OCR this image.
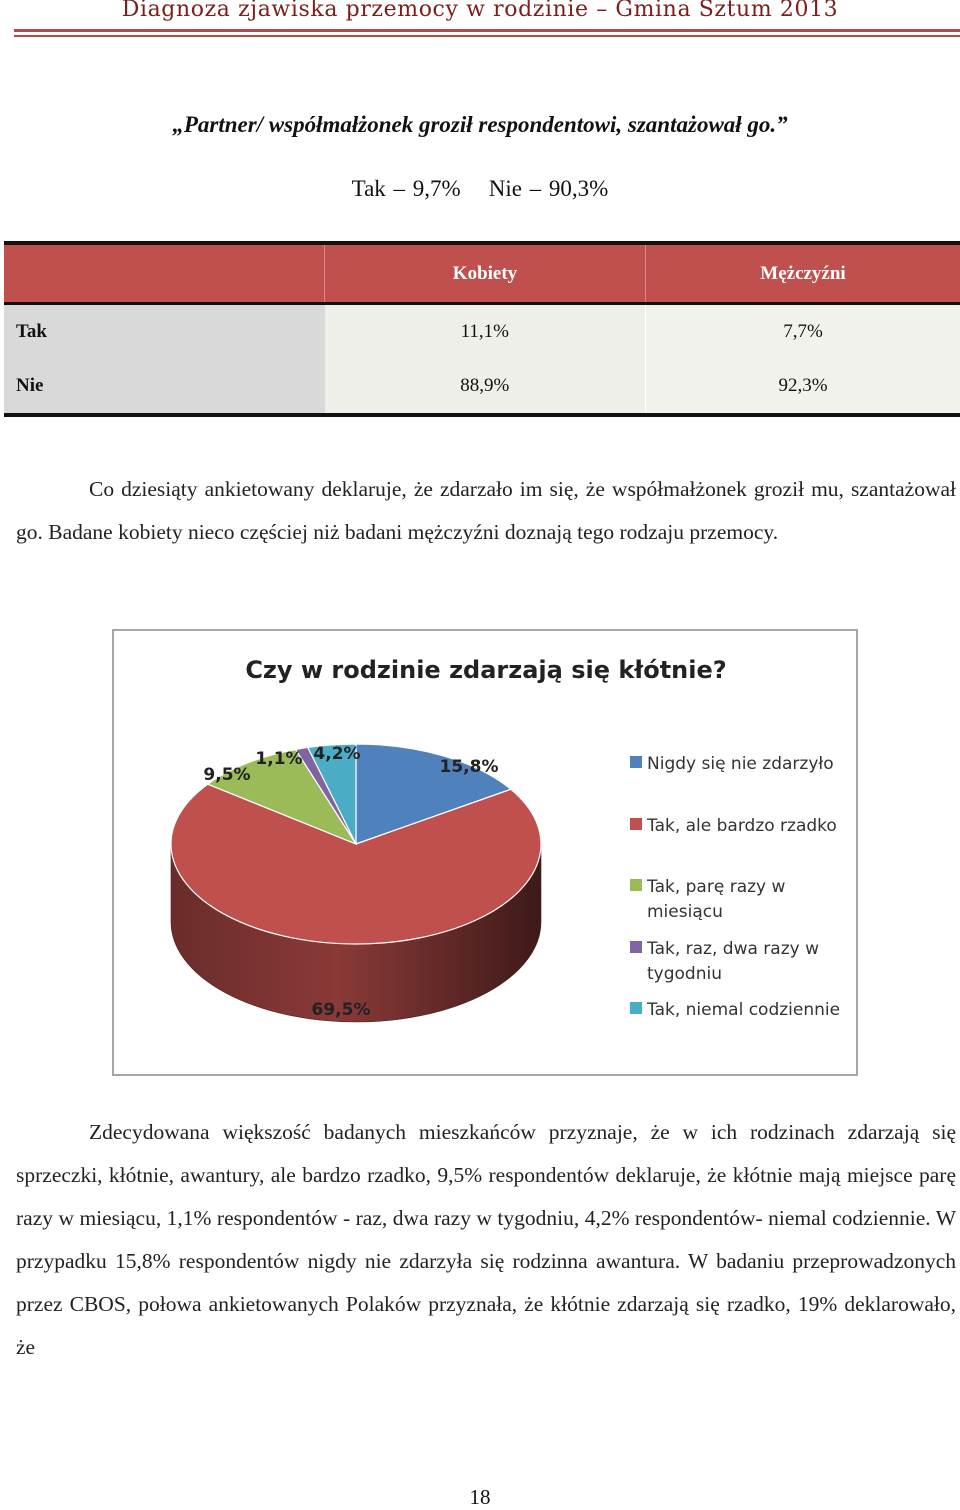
Diagnoza zjawiska przemocy w rodzinie – Gmina Sztum 2013
„Partner/ współmałżonek groził respondentowi, szantażował go.”
Tak – 9,7% Nie – 90,3%
	Kobiety	Mężczyźni
Tak	11,1%	7,7%
Nie	88,9%	92,3%
Co dziesiąty ankietowany deklaruje, że zdarzało im się, że współmałżonek groził mu, szantażował go. Badane kobiety nieco częściej niż badani mężczyźni doznają tego rodzaju przemocy.
Czy w rodzinie zdarzają się kłótnie?
15,8%
69,5%
9,5%
1,1% 4,2%	Nigdy się nie zdarzyło
Tak, ale bardzo rzadko
Tak, parę razy w miesiącu
Tak, raz, dwa razy w tygodniu
Tak, niemal codziennie
Zdecydowana większość badanych mieszkańców przyznaje, że w ich rodzinach zdarzają się sprzeczki, kłótnie, awantury, ale bardzo rzadko, 9,5% respondentów deklaruje, że kłótnie mają miejsce parę razy w miesiącu, 1,1% respondentów - raz, dwa razy w tygodniu, 4,2% respondentów- niemal codziennie. W przypadku 15,8% respondentów nigdy nie zdarzyła się rodzinna awantura. W badaniu przeprowadzonych przez CBOS, połowa ankietowanych Polaków przyznała, że kłótnie zdarzają się rzadko, 19% deklarowało, że
18
